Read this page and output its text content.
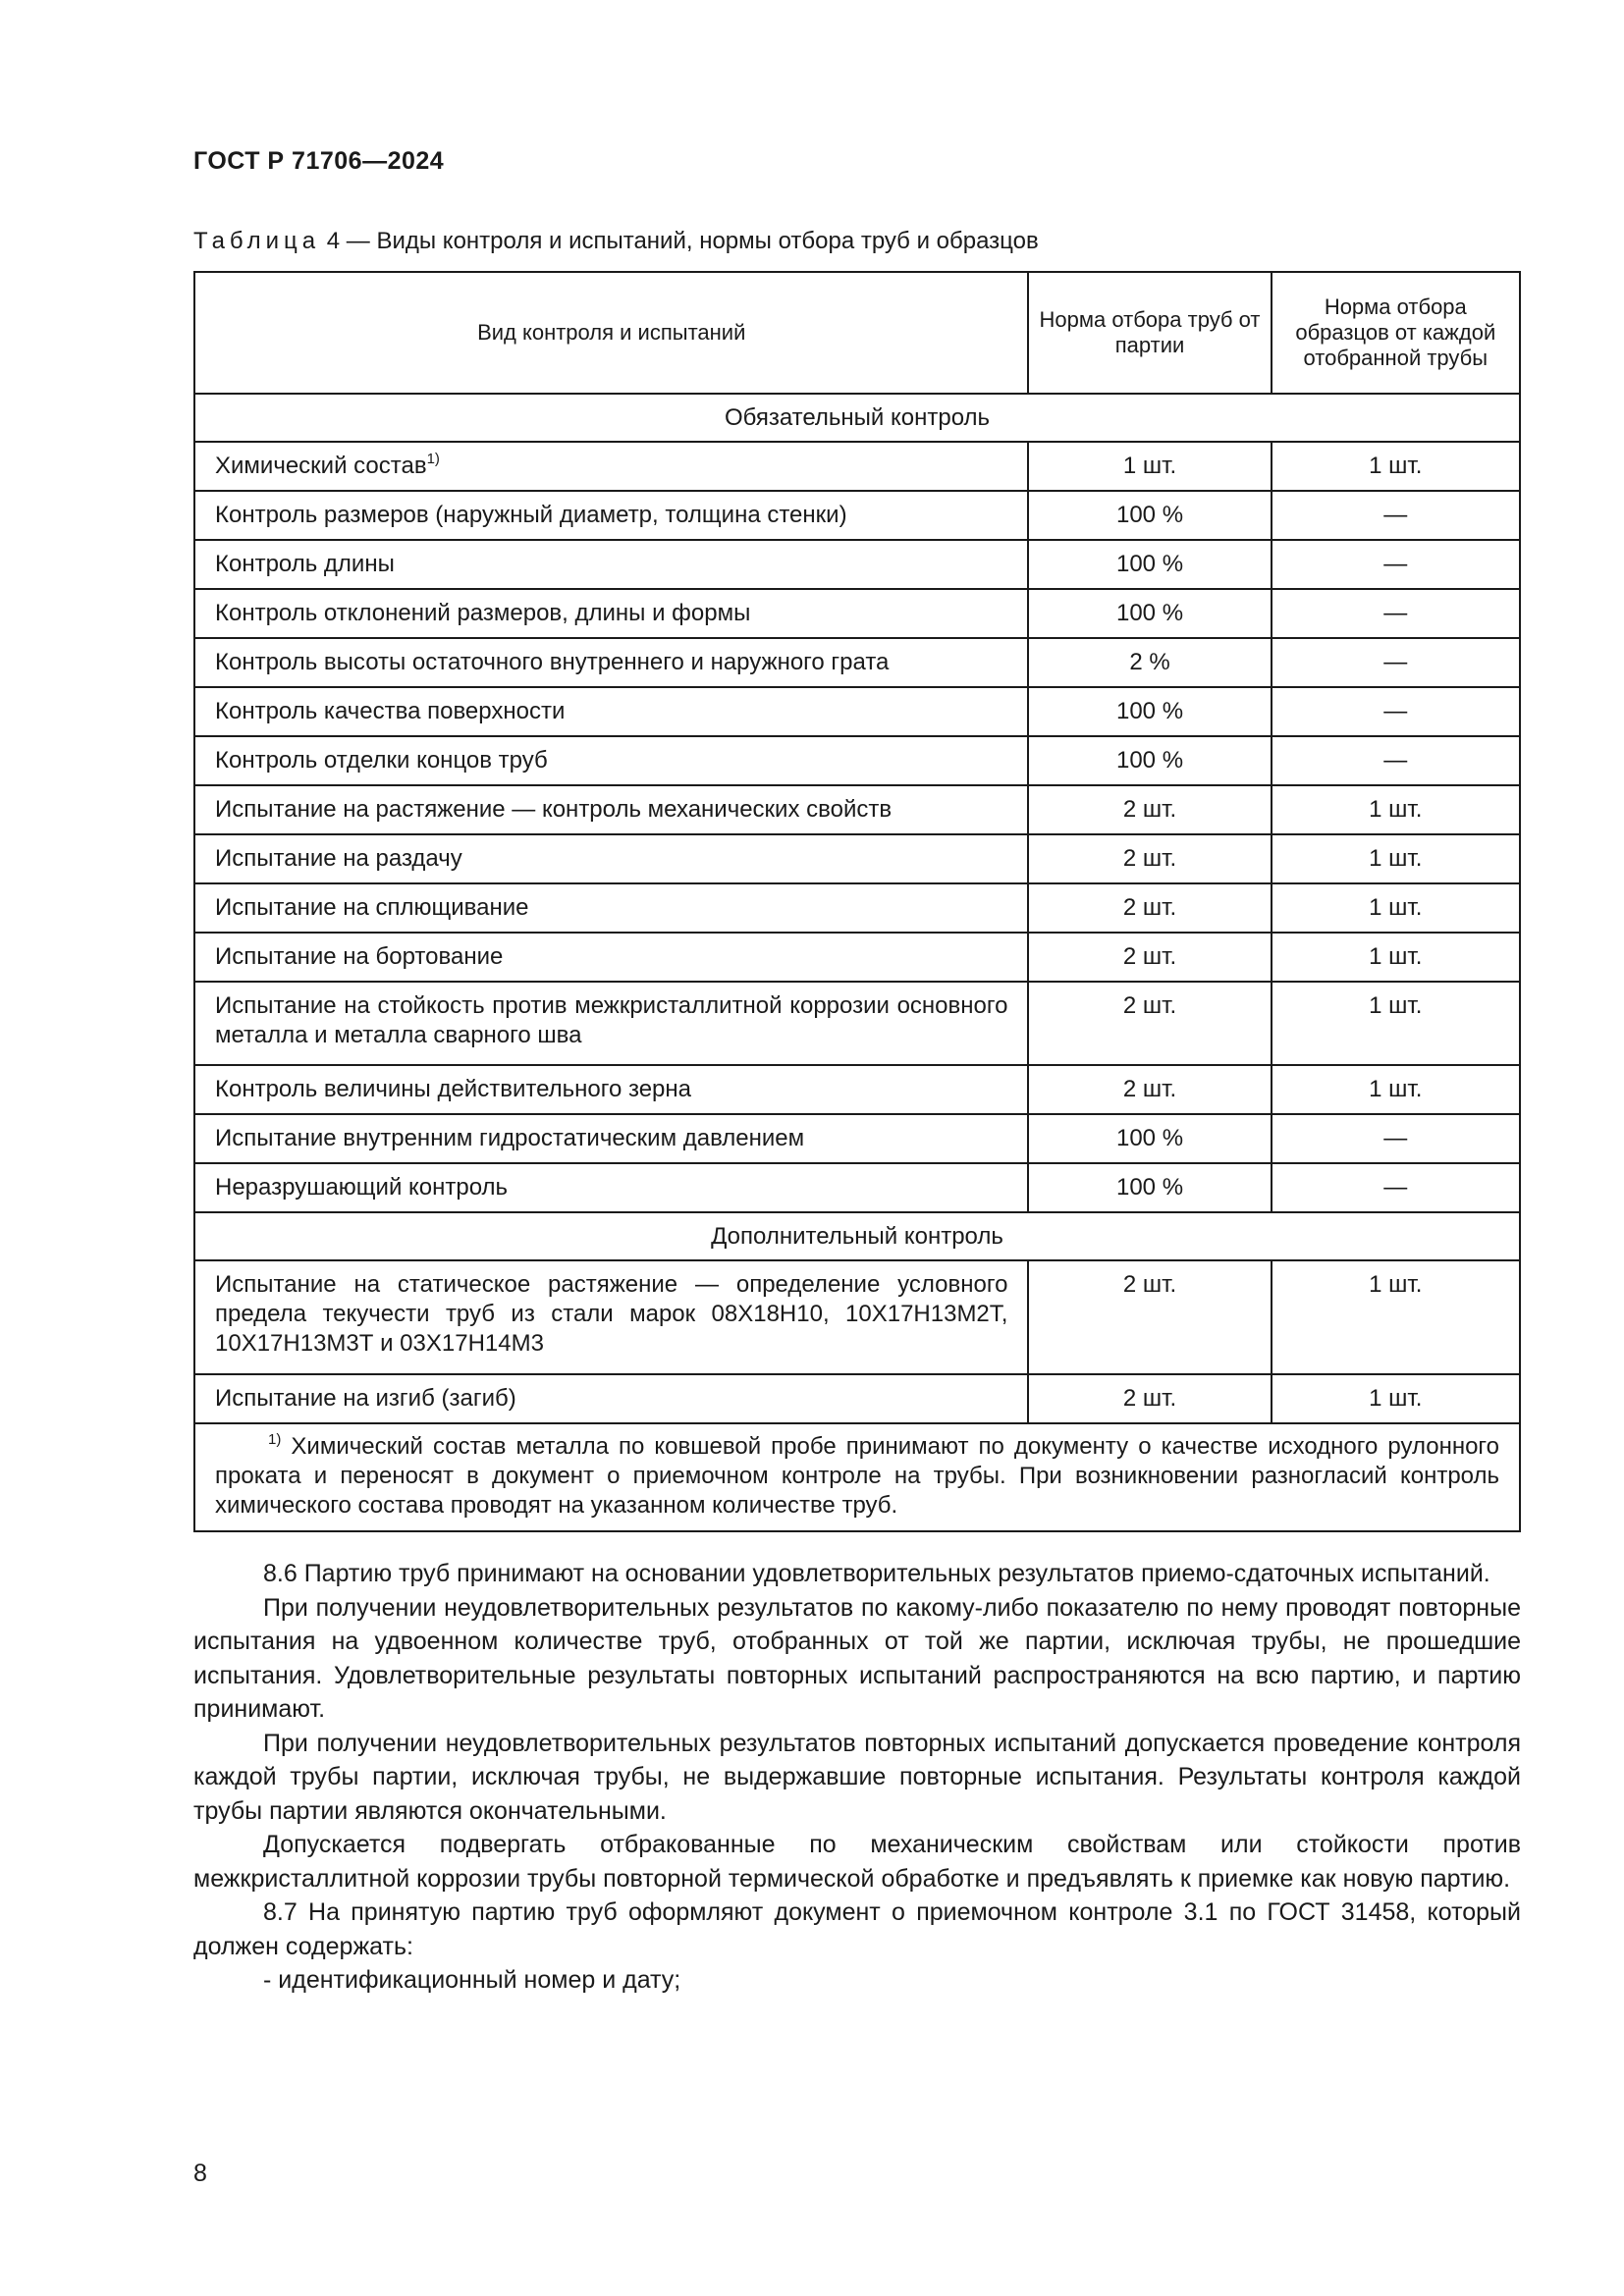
ГОСТ Р 71706—2024
Таблица 4 — Виды контроля и испытаний, нормы отбора труб и образцов
Вид контроля и испытаний	Норма отбора труб от партии	Норма отбора образцов от каждой отобранной трубы
Обязательный контроль		
Химический состав$^{1)}$	1 шт.	1 шт.
Контроль размеров (наружный диаметр, толщина стенки)	100 %	—
Контроль длины	100 %	—
Контроль отклонений размеров, длины и формы	100 %	—
Контроль высоты остаточного внутреннего и наружного грата	2 %	—
Контроль качества поверхности	100 %	—
Контроль отделки концов труб	100 %	—
Испытание на растяжение — контроль механических свойств	2 шт.	1 шт.
Испытание на раздачу	2 шт.	1 шт.
Испытание на сплющивание	2 шт.	1 шт.
Испытание на бортование	2 шт.	1 шт.
Испытание на стойкость против межкристаллитной коррозии основного металла и металла сварного шва	2 шт.	1 шт.
Контроль величины действительного зерна	2 шт.	1 шт.
Испытание внутренним гидростатическим давлением	100 %	—
Неразрушающий контроль	100 %	—
Дополнительный контроль		
Испытание на статическое растяжение — определение условного предела текучести труб из стали марок 08Х18Н10, 10Х17Н13М2Т, 10Х17Н13М3Т и 03Х17Н14М3	2 шт.	1 шт.
Испытание на изгиб (загиб)	2 шт.	1 шт.
$^{1)}$ Химический состав металла по ковшевой пробе принимают по документу о качестве исходного рулонного проката и переносят в документ о приемочном контроле на трубы. При возникновении разногласий контроль химического состава проводят на указанном количестве труб.		

8.6 Партию труб принимают на основании удовлетворительных результатов приемо-сдаточных испытаний.

При получении неудовлетворительных результатов по какому-либо показателю по нему проводят повторные испытания на удвоенном количестве труб, отобранных от той же партии, исключая трубы, не прошедшие испытания. Удовлетворительные результаты повторных испытаний распространяются на всю партию, и партию принимают.

При получении неудовлетворительных результатов повторных испытаний допускается проведение контроля каждой трубы партии, исключая трубы, не выдержавшие повторные испытания. Результаты контроля каждой трубы партии являются окончательными.

Допускается подвергать отбракованные по механическим свойствам или стойкости против межкристаллитной коррозии трубы повторной термической обработке и предъявлять к приемке как новую партию.

8.7 На принятую партию труб оформляют документ о приемочном контроле 3.1 по ГОСТ 31458, который должен содержать:

- идентификационный номер и дату;

8
